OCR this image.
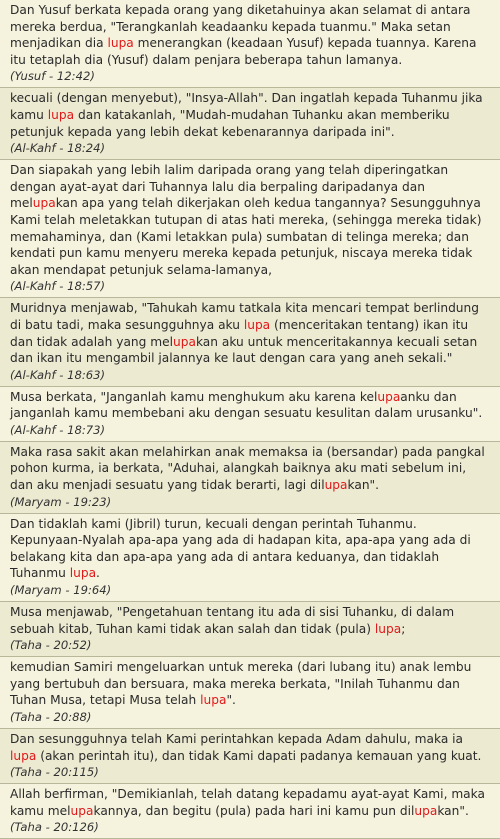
Dan Yusuf berkata kepada orang yang diketahuinya akan selamat di antara mereka berdua, "Terangkanlah keadaanku kepada tuanmu." Maka setan menjadikan dia lupa menerangkan (keadaan Yusuf) kepada tuannya. Karena itu tetaplah dia (Yusuf) dalam penjara beberapa tahun lamanya.
(Yusuf - 12:42)
kecuali (dengan menyebut), "Insya-Allah". Dan ingatlah kepada Tuhanmu jika kamu lupa dan katakanlah, "Mudah-mudahan Tuhanku akan memberiku petunjuk kepada yang lebih dekat kebenarannya daripada ini".
(Al-Kahf - 18:24)
Dan siapakah yang lebih lalim daripada orang yang telah diperingatkan dengan ayat-ayat dari Tuhannya lalu dia berpaling daripadanya dan melupakan apa yang telah dikerjakan oleh kedua tangannya? Sesungguhnya Kami telah meletakkan tutupan di atas hati mereka, (sehingga mereka tidak) memahaminya, dan (Kami letakkan pula) sumbatan di telinga mereka; dan kendati pun kamu menyeru mereka kepada petunjuk, niscaya mereka tidak akan mendapat petunjuk selama-lamanya,
(Al-Kahf - 18:57)
Muridnya menjawab, "Tahukah kamu tatkala kita mencari tempat berlindung di batu tadi, maka sesungguhnya aku lupa (menceritakan tentang) ikan itu dan tidak adalah yang melupakan aku untuk menceritakannya kecuali setan dan ikan itu mengambil jalannya ke laut dengan cara yang aneh sekali."
(Al-Kahf - 18:63)
Musa berkata, "Janganlah kamu menghukum aku karena kelupaanku dan janganlah kamu membebani aku dengan sesuatu kesulitan dalam urusanku".
(Al-Kahf - 18:73)
Maka rasa sakit akan melahirkan anak memaksa ia (bersandar) pada pangkal pohon kurma, ia berkata, "Aduhai, alangkah baiknya aku mati sebelum ini, dan aku menjadi sesuatu yang tidak berarti, lagi dilupakan".
(Maryam - 19:23)
Dan tidaklah kami (Jibril) turun, kecuali dengan perintah Tuhanmu. Kepunyaan-Nyalah apa-apa yang ada di hadapan kita, apa-apa yang ada di belakang kita dan apa-apa yang ada di antara keduanya, dan tidaklah Tuhanmu lupa.
(Maryam - 19:64)
Musa menjawab, "Pengetahuan tentang itu ada di sisi Tuhanku, di dalam sebuah kitab, Tuhan kami tidak akan salah dan tidak (pula) lupa;
(Taha - 20:52)
kemudian Samiri mengeluarkan untuk mereka (dari lubang itu) anak lembu yang bertubuh dan bersuara, maka mereka berkata, "Inilah Tuhanmu dan Tuhan Musa, tetapi Musa telah lupa".
(Taha - 20:88)
Dan sesungguhnya telah Kami perintahkan kepada Adam dahulu, maka ia lupa (akan perintah itu), dan tidak Kami dapati padanya kemauan yang kuat.
(Taha - 20:115)
Allah berfirman, "Demikianlah, telah datang kepadamu ayat-ayat Kami, maka kamu melupakannya, dan begitu (pula) pada hari ini kamu pun dilupakan".
(Taha - 20:126)
